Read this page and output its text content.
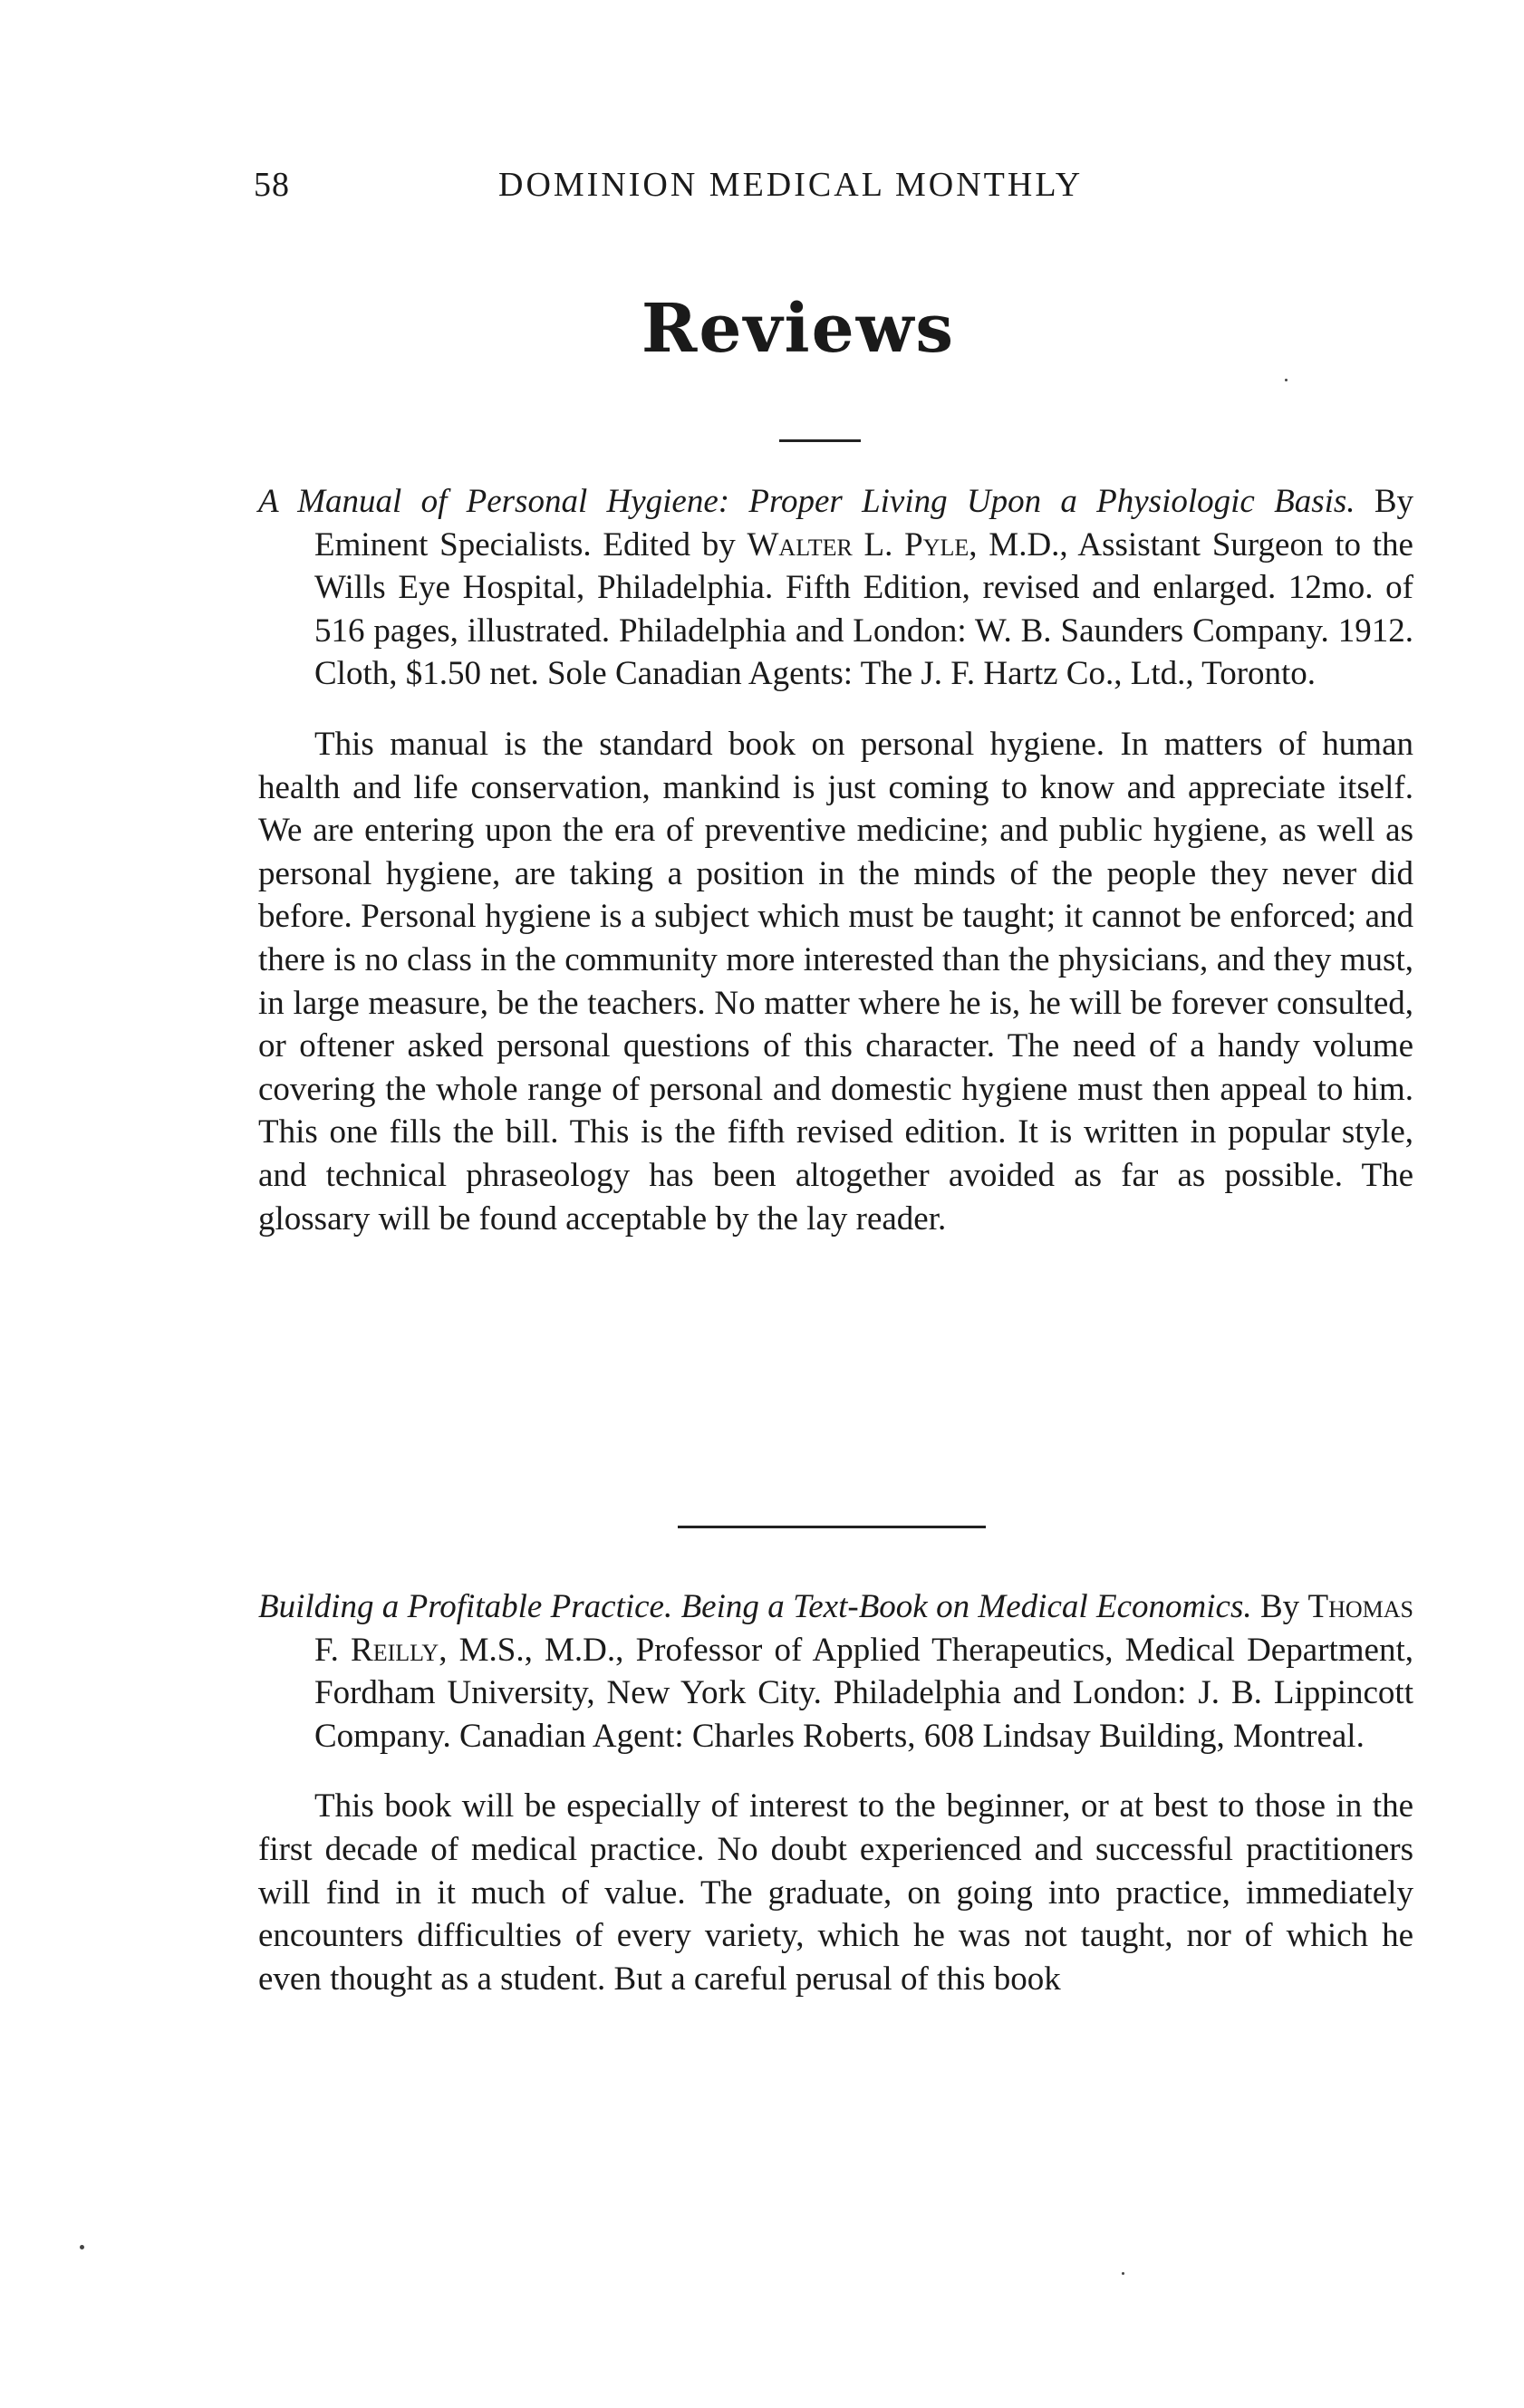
58	DOMINION MEDICAL MONTHLY
Reviews

A Manual of Personal Hygiene: Proper Living Upon a Physiologic Basis. By Eminent Specialists. Edited by Walter L. Pyle, M.D., Assistant Surgeon to the Wills Eye Hospital, Philadelphia. Fifth Edition, revised and enlarged. 12mo. of 516 pages, illustrated. Philadelphia and London: W. B. Saunders Company. 1912. Cloth, $1.50 net. Sole Canadian Agents: The J. F. Hartz Co., Ltd., Toronto.

This manual is the standard book on personal hygiene. In matters of human health and life conservation, mankind is just coming to know and appreciate itself. We are entering upon the era of preventive medicine; and public hygiene, as well as personal hygiene, are taking a position in the minds of the people they never did before. Personal hygiene is a subject which must be taught; it cannot be enforced; and there is no class in the community more interested than the physicians, and they must, in large measure, be the teachers. No matter where he is, he will be forever consulted, or oftener asked personal questions of this character. The need of a handy volume covering the whole range of personal and domestic hygiene must then appeal to him. This one fills the bill. This is the fifth revised edition. It is written in popular style, and technical phraseology has been altogether avoided as far as possible. The glossary will be found acceptable by the lay reader.

Building a Profitable Practice. Being a Text-Book on Medical Economics. By Thomas F. Reilly, M.S., M.D., Professor of Applied Therapeutics, Medical Department, Fordham University, New York City. Philadelphia and London: J. B. Lippincott Company. Canadian Agent: Charles Roberts, 608 Lindsay Building, Montreal.

This book will be especially of interest to the beginner, or at best to those in the first decade of medical practice. No doubt experienced and successful practitioners will find in it much of value. The graduate, on going into practice, immediately encounters difficulties of every variety, which he was not taught, nor of which he even thought as a student. But a careful perusal of this book
